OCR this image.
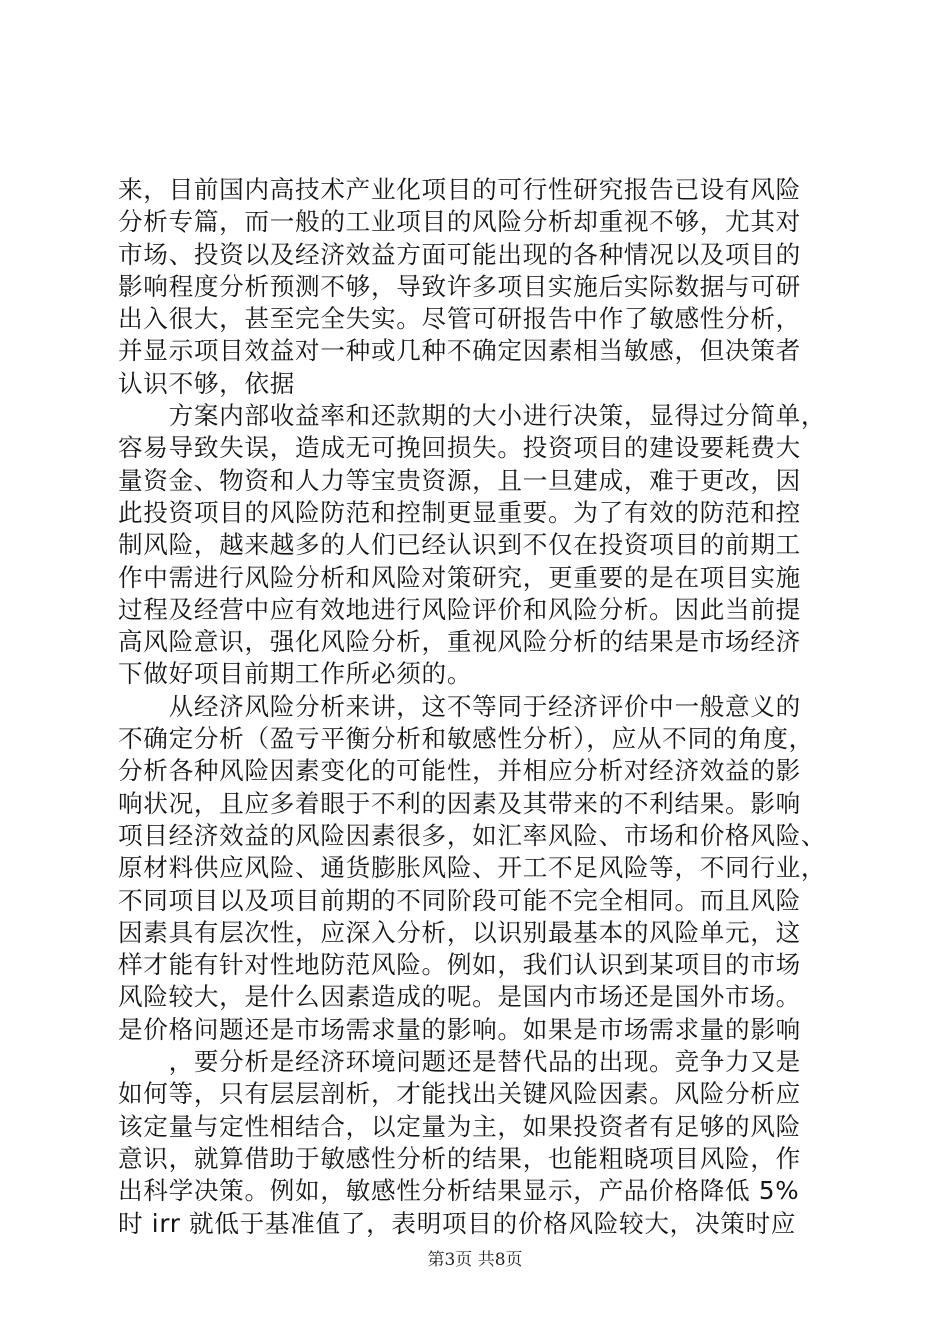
来，目前国内高技术产业化项目的可行性研究报告已设有风险
分析专篇，而一般的工业项目的风险分析却重视不够，尤其对
市场、投资以及经济效益方面可能出现的各种情况以及项目的
影响程度分析预测不够，导致许多项目实施后实际数据与可研
出入很大，甚至完全失实。尽管可研报告中作了敏感性分析，
并显示项目效益对一种或几种不确定因素相当敏感，但决策者
认识不够，依据
　　方案内部收益率和还款期的大小进行决策，显得过分简单，
容易导致失误，造成无可挽回损失。投资项目的建设要耗费大
量资金、物资和人力等宝贵资源，且一旦建成，难于更改，因
此投资项目的风险防范和控制更显重要。为了有效的防范和控
制风险，越来越多的人们已经认识到不仅在投资项目的前期工
作中需进行风险分析和风险对策研究，更重要的是在项目实施
过程及经营中应有效地进行风险评价和风险分析。因此当前提
高风险意识，强化风险分析，重视风险分析的结果是市场经济
下做好项目前期工作所必须的。
　　从经济风险分析来讲，这不等同于经济评价中一般意义的
不确定分析（盈亏平衡分析和敏感性分析），应从不同的角度，
分析各种风险因素变化的可能性，并相应分析对经济效益的影
响状况，且应多着眼于不利的因素及其带来的不利结果。影响
项目经济效益的风险因素很多，如汇率风险、市场和价格风险、
原材料供应风险、通货膨胀风险、开工不足风险等，不同行业，
不同项目以及项目前期的不同阶段可能不完全相同。而且风险
因素具有层次性，应深入分析，以识别最基本的风险单元，这
样才能有针对性地防范风险。例如，我们认识到某项目的市场
风险较大，是什么因素造成的呢。是国内市场还是国外市场。
是价格问题还是市场需求量的影响。如果是市场需求量的影响
　　，要分析是经济环境问题还是替代品的出现。竞争力又是
如何等，只有层层剖析，才能找出关键风险因素。风险分析应
该定量与定性相结合，以定量为主，如果投资者有足够的风险
意识，就算借助于敏感性分析的结果，也能粗晓项目风险，作
出科学决策。例如，敏感性分析结果显示，产品价格降低 5%
时 irr 就低于基准值了，表明项目的价格风险较大，决策时应
第3页 共8页
